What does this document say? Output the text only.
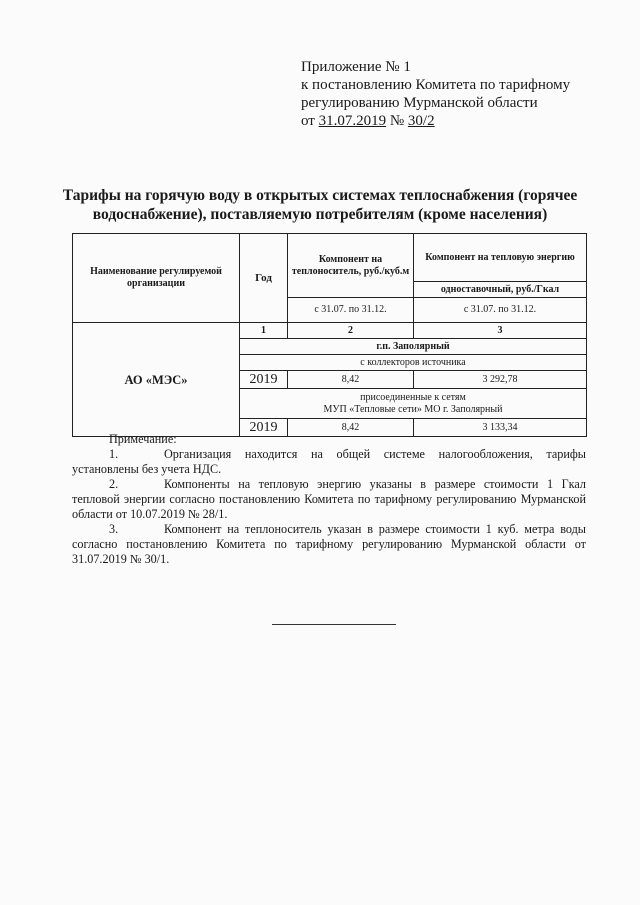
Приложение № 1
к постановлению Комитета по тарифному
регулированию Мурманской области
от 31.07.2019 № 30/2
Тарифы на горячую воду в открытых системах теплоснабжения (горячее
водоснабжение), поставляемую потребителям (кроме населения)
Наименование регулируемой организации	Год	Компонент на теплоноситель, руб./куб.м	Компонент на тепловую энергию
			одноставочный, руб./Гкал
		с 31.07. по 31.12.	с 31.07. по 31.12.
АО «МЭС»	1	2	3
	г.п. Заполярный		
	с коллекторов источника		
	2019	8,42	3 292,78

	присоединенные к сетям
МУП «Тепловые сети» МО г. Заполярный		

	2019	8,42	3 133,34

Примечание:

1.	Организация находится на общей системе налогообложения, тарифы установлены без учета НДС.

2.	Компоненты на тепловую энергию указаны в размере стоимости 1 Гкал тепловой энергии согласно постановлению Комитета по тарифному регулированию Мурманской области от 10.07.2019 № 28/1.

3.	Компонент на теплоноситель указан в размере стоимости 1 куб. метра воды согласно постановлению Комитета по тарифному регулированию Мурманской области от 31.07.2019 № 30/1.
